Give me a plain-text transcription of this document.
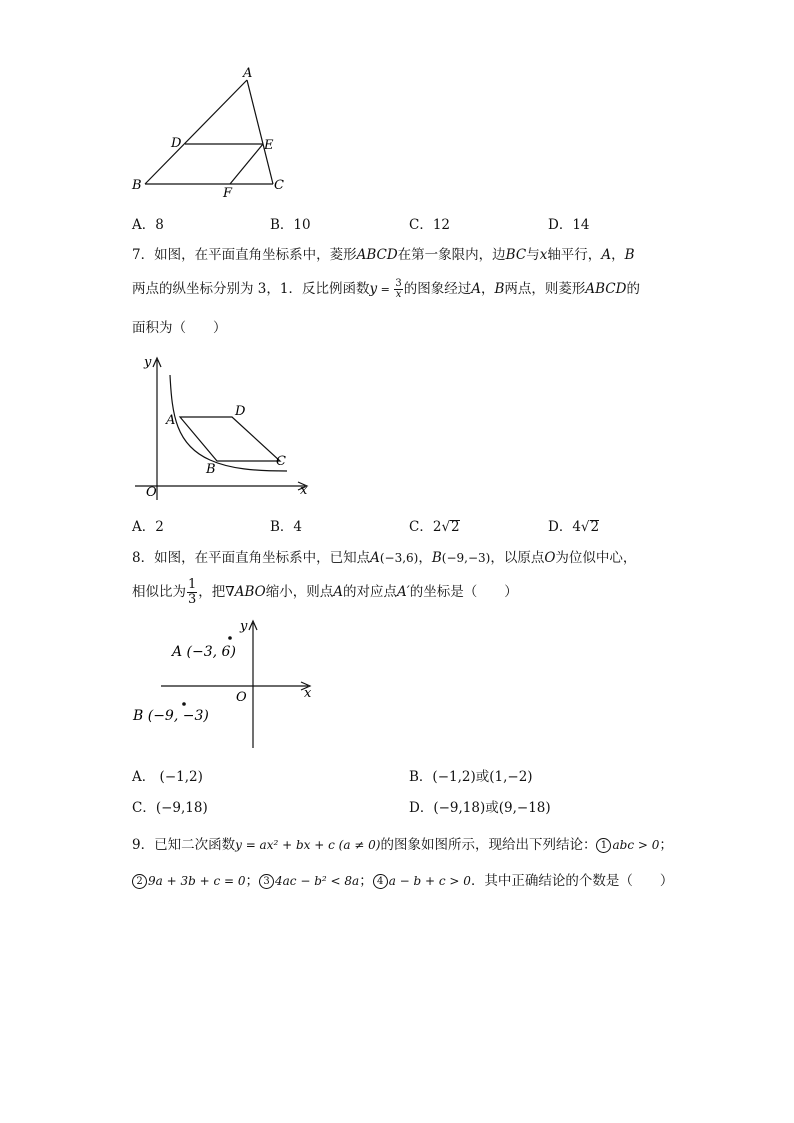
A
D	E
B
F
C
A．8	B．10	C．12	D．14
7．如图，在平面直角坐标系中，菱形ABCD在第一象限内，边BC与x轴平行，A，B
两点的纵坐标分别为 3，1．反比例函数$y = \frac{3}{x}$ 的图象经过A，B两点，则菱形ABCD的
面积为（　　）
y
x
O
A
D
B
C
A．2	B．4	C．2√2	D．4√2
8．如图，在平面直角坐标系中，已知点A(−3,6)，B(−9,−3)，以原点O为位似中心，
相似比为 $\frac{1}{3}$ ，把∇ABO缩小，则点A的对应点A′的坐标是（　　）
y
x
O
A (−3, 6)
B (−9, −3)
A． (−1,2)	B．(−1,2)或(1,−2)
C．(−9,18)	D．(−9,18)或(9,−18)
9．已知二次函数y = ax² + bx + c (a ≠ 0)的图象如图所示，现给出下列结论： 1 abc > 0；
2 9a + 3b + c = 0； 3 4ac − b² < 8a； 4 a − b + c > 0．其中正确结论的个数是（　　）
